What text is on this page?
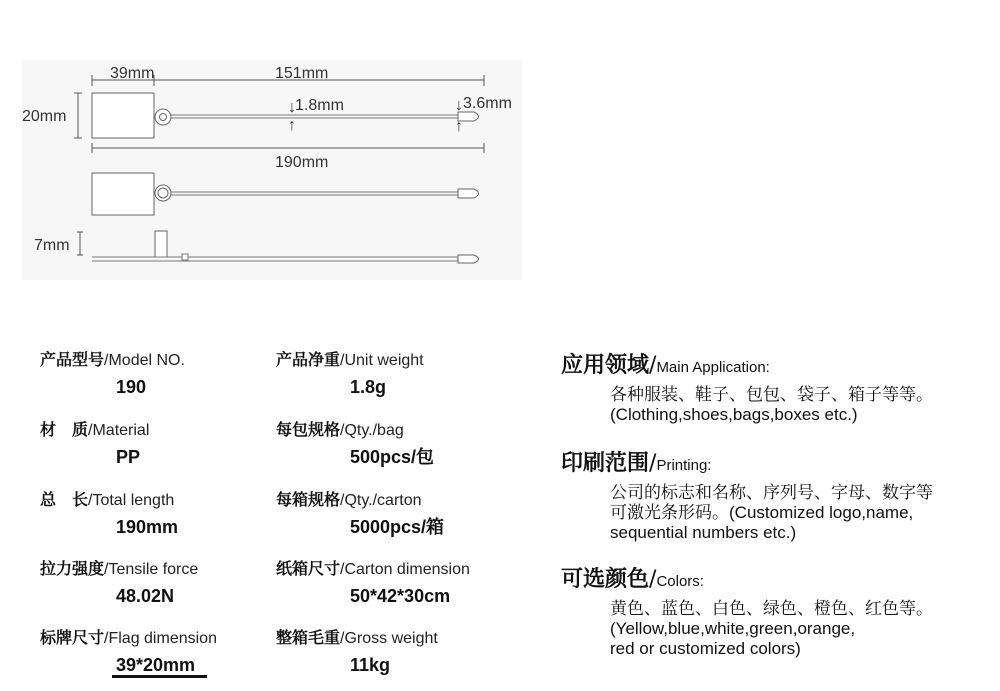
39mm	151mm
20mm
1.8mm	3.6mm
↓
↑
↓
↑
190mm
7mm
产品型号/Model NO.
190
材　质/Material
PP
总　长/Total length
190mm
拉力强度/Tensile force
48.02N
标牌尺寸/Flag dimension
39*20mm
产品净重/Unit weight
1.8g
每包规格/Qty./bag
500pcs/包
每箱规格/Qty./carton
5000pcs/箱
纸箱尺寸/Carton dimension
50*42*30cm
整箱毛重/Gross weight
11kg
应用领域/Main Application:
各种服装、鞋子、包包、袋子、箱子等等。
(Clothing,shoes,bags,boxes etc.)
印刷范围/Printing:
公司的标志和名称、序列号、字母、数字等
可激光条形码。(Customized logo,name,
sequential numbers etc.)
可选颜色/Colors:
黄色、蓝色、白色、绿色、橙色、红色等。
(Yellow,blue,white,green,orange,
red or customized colors)
